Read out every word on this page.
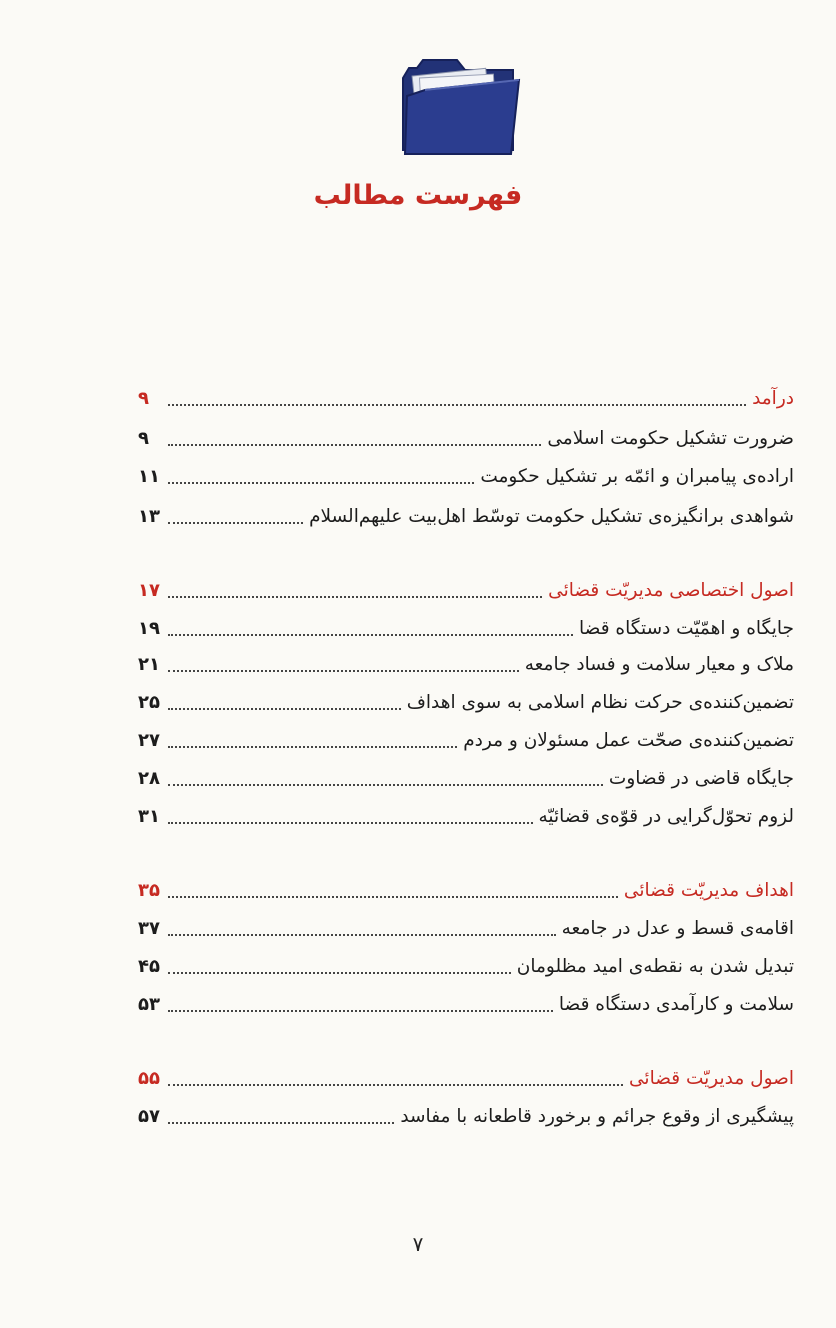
فهرست مطالب
درآمد
۹
ضرورت تشکیل حکومت اسلامی
۹
اراده‌ی پیامبران و ائمّه بر تشکیل حکومت
۱۱
شواهدی برانگیزه‌ی تشکیل حکومت توسّط اهل‌بیت علیهم‌السلام
۱۳
اصول اختصاصی مدیریّت قضائی
۱۷
جایگاه و اهمّیّت دستگاه قضا
۱۹
ملاک و معیار سلامت و فساد جامعه
۲۱
تضمین‌کننده‌ی حرکت نظام اسلامی به سوی اهداف
۲۵
تضمین‌کننده‌ی صحّت عمل مسئولان و مردم
۲۷
جایگاه قاضی در قضاوت
۲۸
لزوم تحوّل‌گرایی در قوّه‌ی قضائیّه
۳۱
اهداف مدیریّت قضائی
۳۵
اقامه‌ی قسط و عدل در جامعه
۳۷
تبدیل شدن به نقطه‌ی امید مظلومان
۴۵
سلامت و کارآمدی دستگاه قضا
۵۳
اصول مدیریّت قضائی
۵۵
پیشگیری از وقوع جرائم و برخورد قاطعانه با مفاسد
۵۷
۷
